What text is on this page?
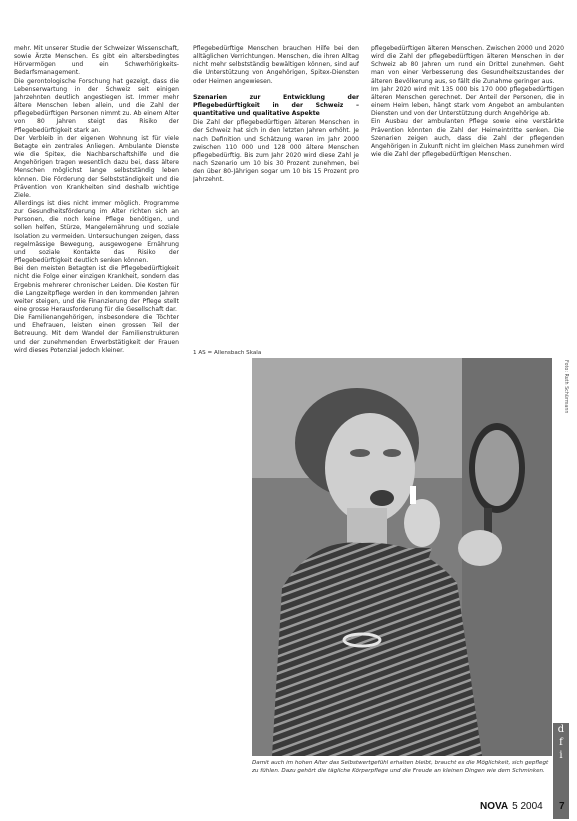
mehr. Mit unserer Studie der Schweizer Wissenschaft, sowie Ärzte Menschen. Es gibt ein altersbedingtes Hörvermögen und ein Schwerhörigkeits-Bedarfsmanagement.

Die gerontologische Forschung hat gezeigt, dass die Lebenserwartung in der Schweiz seit einigen Jahrzehnten deutlich angestiegen ist. Immer mehr ältere Menschen leben allein, und die Zahl der pflegebedürftigen Personen nimmt zu. Ab einem Alter von 80 Jahren steigt das Risiko der Pflegebedürftigkeit stark an.

Der Verbleib in der eigenen Wohnung ist für viele Betagte ein zentrales Anliegen. Ambulante Dienste wie die Spitex, die Nachbarschaftshilfe und die Angehörigen tragen wesentlich dazu bei, dass ältere Menschen möglichst lange selbstständig leben können. Die Förderung der Selbstständigkeit und die Prävention von Krankheiten sind deshalb wichtige Ziele.

Allerdings ist dies nicht immer möglich. Programme zur Gesundheitsförderung im Alter richten sich an Personen, die noch keine Pflege benötigen, und sollen helfen, Stürze, Mangelernährung und soziale Isolation zu vermeiden. Untersuchungen zeigen, dass regelmässige Bewegung, ausgewogene Ernährung und soziale Kontakte das Risiko der Pflegebedürftigkeit deutlich senken können.

Bei den meisten Betagten ist die Pflegebedürftigkeit nicht die Folge einer einzigen Krankheit, sondern das Ergebnis mehrerer chronischer Leiden. Die Kosten für die Langzeitpflege werden in den kommenden Jahren weiter steigen, und die Finanzierung der Pflege stellt eine grosse Herausforderung für die Gesellschaft dar.

Die Familienangehörigen, insbesondere die Töchter und Ehefrauen, leisten einen grossen Teil der Betreuung. Mit dem Wandel der Familienstrukturen und der zunehmenden Erwerbstätigkeit der Frauen wird dieses Potenzial jedoch kleiner.

Pflegebedürftige Menschen brauchen Hilfe bei den alltäglichen Verrichtungen. Menschen, die ihren Alltag nicht mehr selbstständig bewältigen können, sind auf die Unterstützung von Angehörigen, Spitex-Diensten oder Heimen angewiesen.

Szenarien zur Entwicklung der Pflegebedürftigkeit in der Schweiz – quantitative und qualitative Aspekte

Die Zahl der pflegebedürftigen älteren Menschen in der Schweiz hat sich in den letzten Jahren erhöht. Je nach Definition und Schätzung waren im Jahr 2000 zwischen 110 000 und 128 000 ältere Menschen pflegebedürftig. Bis zum Jahr 2020 wird diese Zahl je nach Szenario um 10 bis 30 Prozent zunehmen, bei den über 80-Jährigen sogar um 10 bis 15 Prozent pro Jahrzehnt.

pflegebedürftigen älteren Menschen. Zwischen 2000 und 2020 wird die Zahl der pflegebedürftigen älteren Menschen in der Schweiz ab 80 Jahren um rund ein Drittel zunehmen. Geht man von einer Verbesserung des Gesundheitszustandes der älteren Bevölkerung aus, so fällt die Zunahme geringer aus.

Im Jahr 2020 wird mit 135 000 bis 170 000 pflegebedürftigen älteren Menschen gerechnet. Der Anteil der Personen, die in einem Heim leben, hängt stark vom Angebot an ambulanten Diensten und von der Unterstützung durch Angehörige ab.

Ein Ausbau der ambulanten Pflege sowie eine verstärkte Prävention könnten die Zahl der Heimeintritte senken. Die Szenarien zeigen auch, dass die Zahl der pflegenden Angehörigen in Zukunft nicht im gleichen Mass zunehmen wird wie die Zahl der pflegebedürftigen Menschen.

1 AS = Allensbach Skala
Foto: Ruth Schürmann
Damit auch im hohen Alter das Selbstwertgefühl erhalten bleibt, braucht es die Möglichkeit, sich gepflegt zu fühlen. Dazu gehört die tägliche Körperpflege und die Freude an kleinen Dingen wie dem Schminken.
d
f
i
NOVA 5 2004 7
